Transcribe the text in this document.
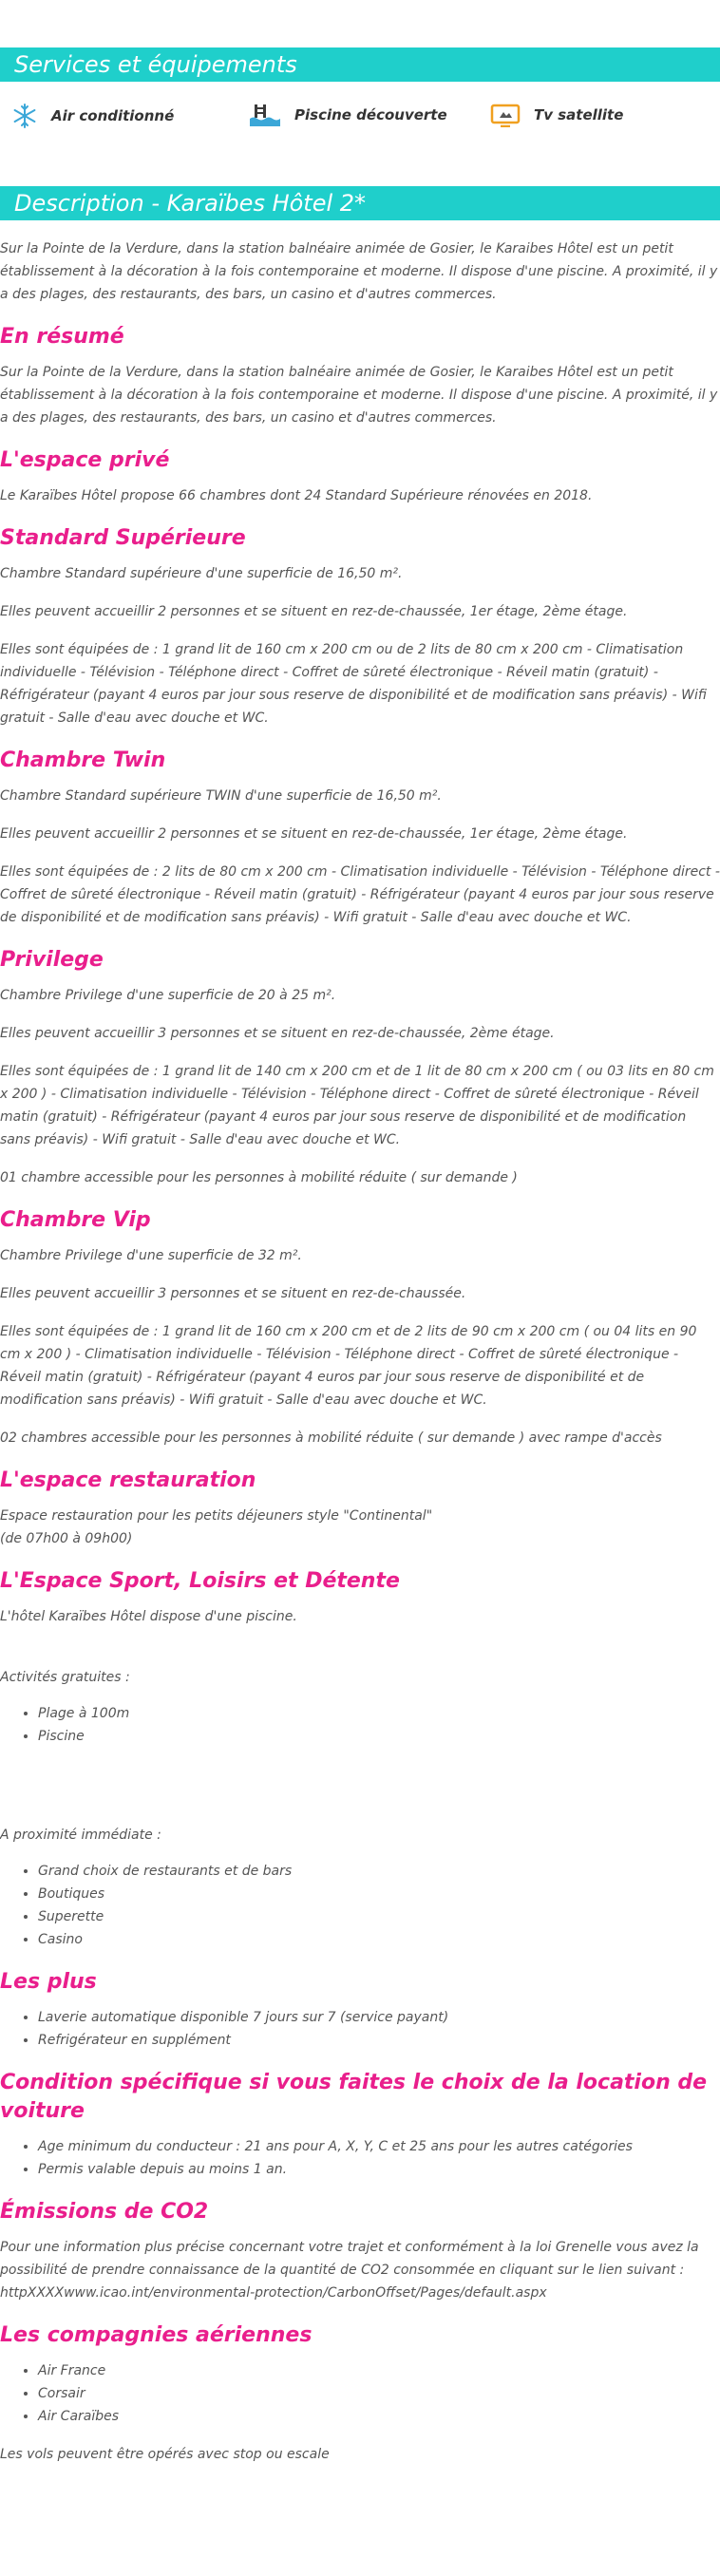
Services et équipements
Air conditionné	Piscine découverte	Tv satellite
Description - Karaïbes Hôtel 2*

Sur la Pointe de la Verdure, dans la station balnéaire animée de Gosier, le Karaibes Hôtel est un petit établissement à la décoration à la fois contemporaine et moderne. Il dispose d'une piscine. A proximité, il y a des plages, des restaurants, des bars, un casino et d'autres commerces.

En résumé

Sur la Pointe de la Verdure, dans la station balnéaire animée de Gosier, le Karaibes Hôtel est un petit établissement à la décoration à la fois contemporaine et moderne. Il dispose d'une piscine. A proximité, il y a des plages, des restaurants, des bars, un casino et d'autres commerces.

L'espace privé

Le Karaïbes Hôtel propose 66 chambres dont 24 Standard Supérieure rénovées en 2018.

Standard Supérieure

Chambre Standard supérieure d'une superficie de 16,50 m².

Elles peuvent accueillir 2 personnes et se situent en rez-de-chaussée, 1er étage, 2ème étage.

Elles sont équipées de : 1 grand lit de 160 cm x 200 cm ou de 2 lits de 80 cm x 200 cm - Climatisation individuelle - Télévision - Téléphone direct - Coffret de sûreté électronique - Réveil matin (gratuit) - Réfrigérateur (payant 4 euros par jour sous reserve de disponibilité et de modification sans préavis) - Wifi gratuit - Salle d'eau avec douche et WC.

Chambre Twin

Chambre Standard supérieure TWIN d'une superficie de 16,50 m².

Elles peuvent accueillir 2 personnes et se situent en rez-de-chaussée, 1er étage, 2ème étage.

Elles sont équipées de : 2 lits de 80 cm x 200 cm - Climatisation individuelle - Télévision - Téléphone direct - Coffret de sûreté électronique - Réveil matin (gratuit) - Réfrigérateur (payant 4 euros par jour sous reserve de disponibilité et de modification sans préavis) - Wifi gratuit - Salle d'eau avec douche et WC.

Privilege

Chambre Privilege d'une superficie de 20 à 25 m².

Elles peuvent accueillir 3 personnes et se situent en rez-de-chaussée, 2ème étage.

Elles sont équipées de : 1 grand lit de 140 cm x 200 cm et de 1 lit de 80 cm x 200 cm ( ou 03 lits en 80 cm x 200 ) - Climatisation individuelle - Télévision - Téléphone direct - Coffret de sûreté électronique - Réveil matin (gratuit) - Réfrigérateur (payant 4 euros par jour sous reserve de disponibilité et de modification sans préavis) - Wifi gratuit - Salle d'eau avec douche et WC.

01 chambre accessible pour les personnes à mobilité réduite ( sur demande )

Chambre Vip

Chambre Privilege d'une superficie de 32 m².

Elles peuvent accueillir 3 personnes et se situent en rez-de-chaussée.

Elles sont équipées de : 1 grand lit de 160 cm x 200 cm et de 2 lits de 90 cm x 200 cm ( ou 04 lits en 90 cm x 200 ) - Climatisation individuelle - Télévision - Téléphone direct - Coffret de sûreté électronique - Réveil matin (gratuit) - Réfrigérateur (payant 4 euros par jour sous reserve de disponibilité et de modification sans préavis) - Wifi gratuit - Salle d'eau avec douche et WC.

02 chambres accessible pour les personnes à mobilité réduite ( sur demande ) avec rampe d'accès

L'espace restauration

Espace restauration pour les petits déjeuners style "Continental"

(de 07h00 à 09h00)

L'Espace Sport, Loisirs et Détente

L'hôtel Karaïbes Hôtel dispose d'une piscine.

Activités gratuites :

• Plage à 100m
• Piscine

A proximité immédiate :

• Grand choix de restaurants et de bars
• Boutiques
• Superette
• Casino
Les plus
• Laverie automatique disponible 7 jours sur 7 (service payant)
• Refrigérateur en supplément
Condition spécifique si vous faites le choix de la location de voiture
• Age minimum du conducteur : 21 ans pour A, X, Y, C et 25 ans pour les autres catégories
• Permis valable depuis au moins 1 an.
Émissions de CO2

Pour une information plus précise concernant votre trajet et conformément à la loi Grenelle vous avez la possibilité de prendre connaissance de la quantité de CO2 consommée en cliquant sur le lien suivant :

httpXXXXwww.icao.int/environmental-protection/CarbonOffset/Pages/default.aspx

Les compagnies aériennes
• Air France
• Corsair
• Air Caraïbes

Les vols peuvent être opérés avec stop ou escale
